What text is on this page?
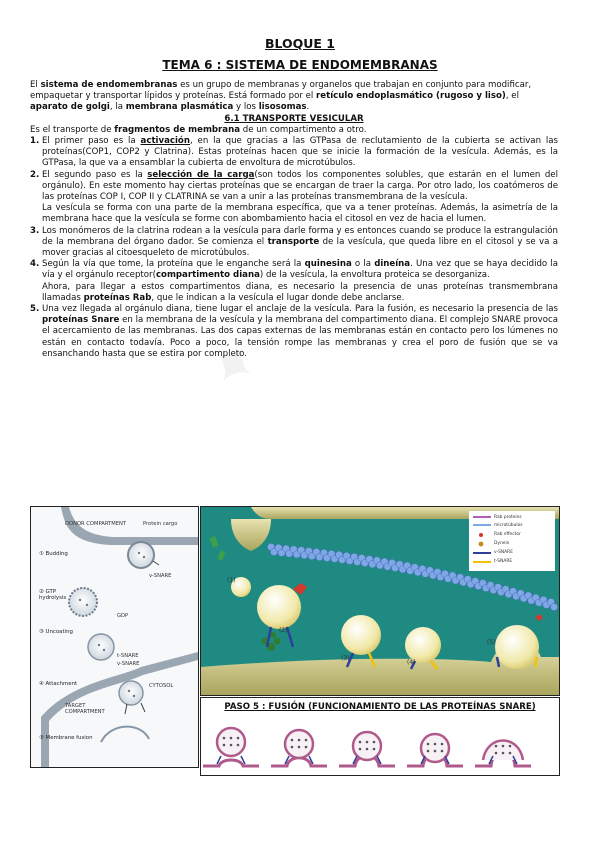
BLOQUE 1
TEMA 6 : SISTEMA DE ENDOMEMBRANAS

El sistema de endomembranas es un grupo de membranas y organelos que trabajan en conjunto para modificar, empaquetar y transportar lípidos y proteínas. Está formado por el retículo endoplasmático (rugoso y liso), el aparato de golgi, la membrana plasmática y los lisosomas.

6.1 TRANSPORTE VESICULAR

Es el transporte de fragmentos de membrana de un compartimento a otro.

1. El primer paso es la activación, en la que gracias a las GTPasa de reclutamiento de la cubierta se activan las proteínas(COP1, COP2 y Clatrina). Estas proteínas hacen que se inicie la formación de la vesícula. Además, es la GTPasa, la que va a ensamblar la cubierta de envoltura de microtúbulos.
2. El segundo paso es la selección de la carga(son todos los componentes solubles, que estarán en el lumen del orgánulo). En este momento hay ciertas proteínas que se encargan de traer la carga. Por otro lado, los coatómeros de las proteínas COP I, COP II y CLATRINA se van a unir a las proteínas transmembrana de la vesícula.
La vesícula se forma con una parte de la membrana específica, que va a tener proteínas. Además, la asimetría de la membrana hace que la vesícula se forme con abombamiento hacia el citosol en vez de hacia el lumen.
3. Los monómeros de la clatrina rodean a la vesícula para darle forma y es entonces cuando se produce la estrangulación de la membrana del órgano dador. Se comienza el transporte de la vesícula, que queda libre en el citosol y se va a mover gracias al citoesqueleto de microtúbulos.
4. Según la vía que tome, la proteína que le enganche será la quinesina o la dineína. Una vez que se haya decidido la vía y el orgánulo receptor(compartimento diana) de la vesícula, la envoltura proteica se desorganiza.
Ahora, para llegar a estos compartimentos diana, es necesario la presencia de unas proteínas transmembrana llamadas proteínas Rab, que le indican a la vesícula el lugar donde debe anclarse.
5. Una vez llegada al orgánulo diana, tiene lugar el anclaje de la vesícula. Para la fusión, es necesario la presencia de las proteínas Snare en la membrana de la vesícula y la membrana del compartimento diana. El complejo SNARE provoca el acercamiento de las membranas. Las dos capas externas de las membranas están en contacto pero los lúmenes no están en contacto todavía. Poco a poco, la tensión rompe las membranas y crea el poro de fusión que se va ensanchando hasta que se estira por completo.
DONOR COMPARTMENT	Protein cargo
① Budding
v-SNARE
② GTP hydrolysis
GDP
③ Uncoating
t-SNARE
v-SNARE
④ Attachment	CYTOSOL
TARGET COMPARTMENT
⑤ Membrane fusion
Rab proteins
microtúbulos
Rab effector
Dynein
v-SNARE
t-SNARE
(1)
(2)
(3)
(4)
(5)
PASO 5 : FUSIÓN (FUNCIONAMIENTO DE LAS PROTEÍNAS SNARE)
✦
